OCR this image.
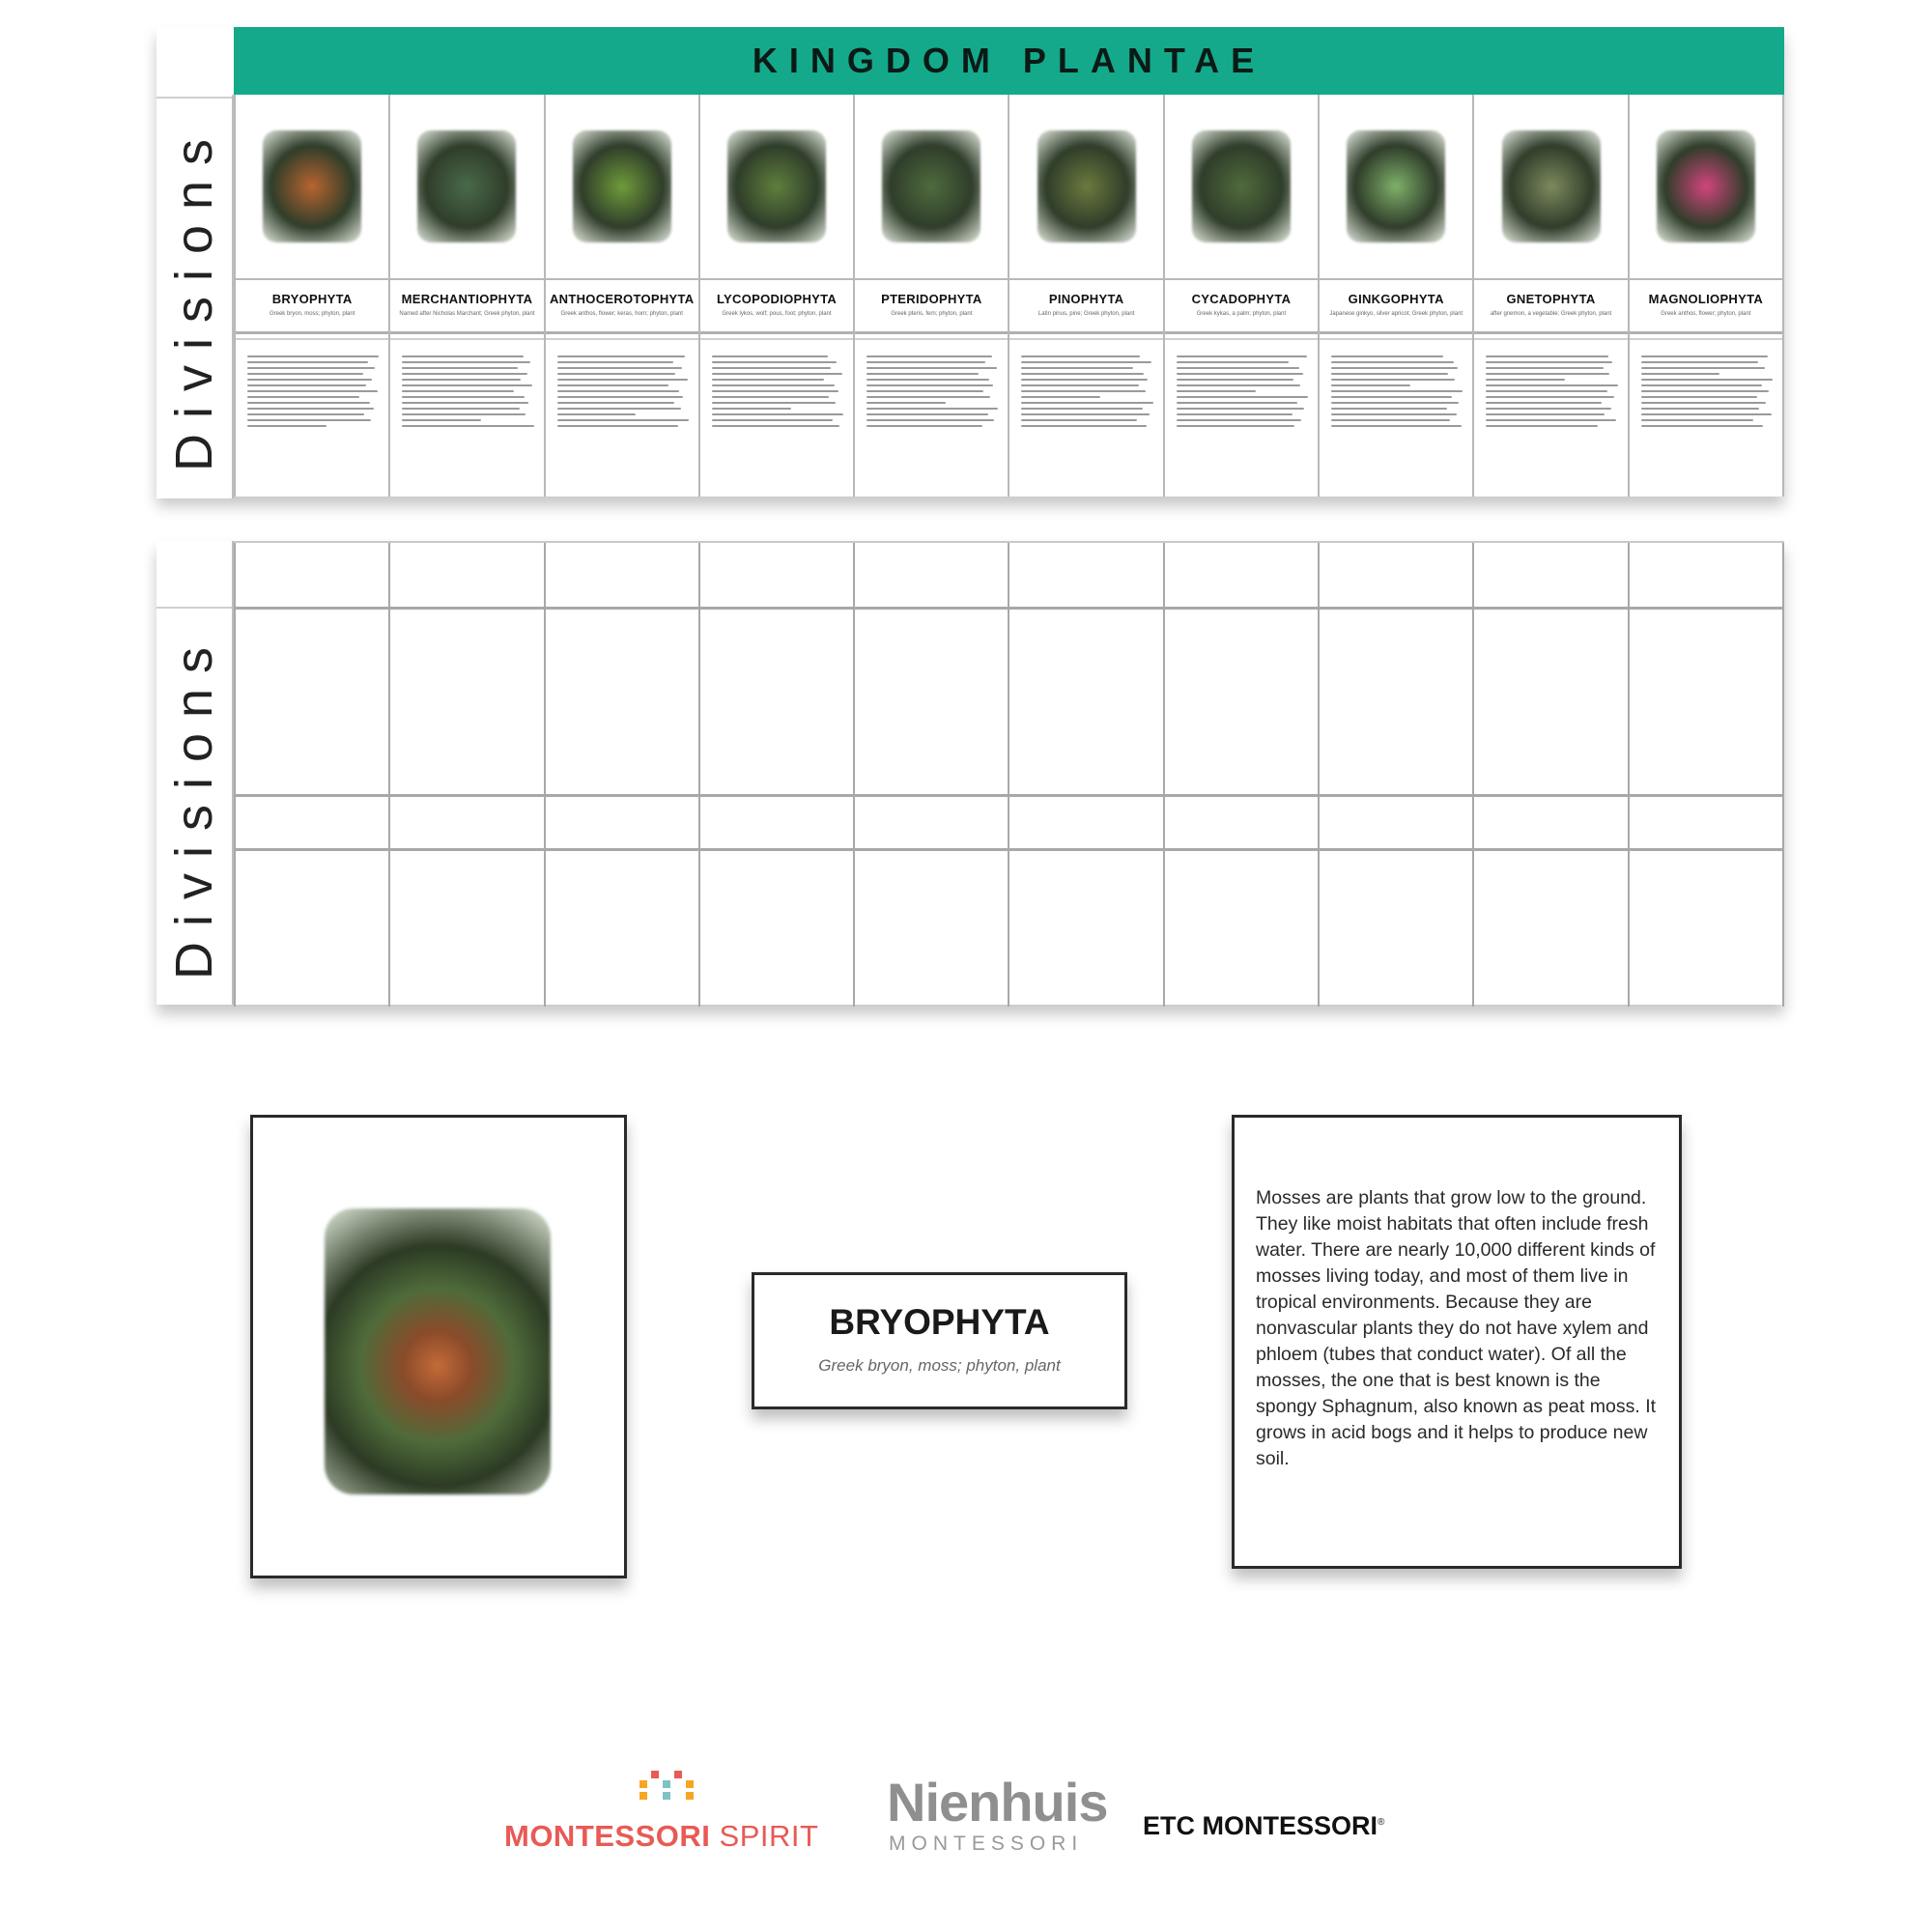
Divisions
KINGDOM PLANTAE
BRYOPHYTA
Greek bryon, moss; phyton, plant
MERCHANTIOPHYTA
Named after Nicholas Marchant; Greek phyton, plant
ANTHOCEROTOPHYTA
Greek anthos, flower; keras, horn; phyton, plant
LYCOPODIOPHYTA
Greek lykos, wolf; pous, foot; phyton, plant
PTERIDOPHYTA
Greek pteris, fern; phyton, plant
PINOPHYTA
Latin pinus, pine; Greek phyton, plant
CYCADOPHYTA
Greek kykas, a palm; phyton, plant
GINKGOPHYTA
Japanese ginkyo, silver apricot; Greek phyton, plant
GNETOPHYTA
after gnemon, a vegetable; Greek phyton, plant
MAGNOLIOPHYTA
Greek anthos, flower; phyton, plant
Divisions
BRYOPHYTA
Greek bryon, moss; phyton, plant
Mosses are plants that grow low to the ground. They like moist habitats that often include fresh water. There are nearly 10,000 different kinds of mosses living today, and most of them live in tropical environments. Because they are nonvascular plants they do not have xylem and phloem (tubes that conduct water). Of all the mosses, the one that is best known is the spongy Sphagnum, also known as peat moss. It grows in acid bogs and it helps to produce new soil.
MONTESSORI SPIRIT
Nienhuis
MONTESSORI
ETC MONTESSORI®
